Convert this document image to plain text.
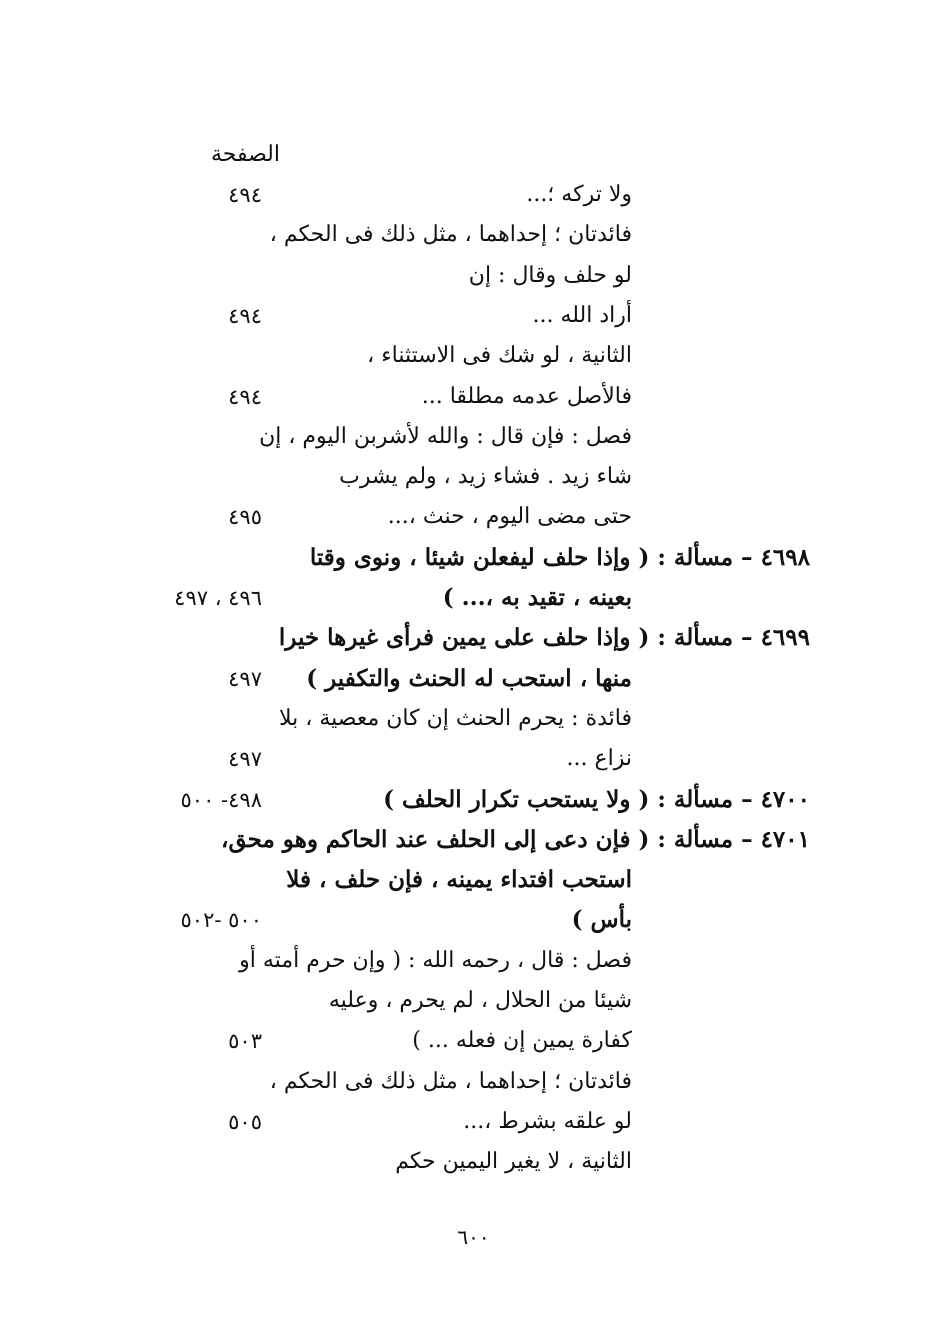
الصفحة
ولا تركه ؛...
٤٩٤
فائدتان ؛ إحداهما ، مثل ذلك فى الحكم ،
لو حلف وقال : إن
أراد الله ...
٤٩٤
الثانية ، لو شك فى الاستثناء ،
فالأصل عدمه مطلقا ...
٤٩٤
فصل : فإن قال : والله لأشربن اليوم ، إن
شاء زيد . فشاء زيد ، ولم يشرب
حتى مضى اليوم ، حنث ،...
٤٩٥
٤٦٩٨ – مسألة : ( وإذا حلف ليفعلن شيئا ، ونوى وقتا
بعينه ، تقيد به ،... )
٤٩٦ ، ٤٩٧
٤٦٩٩ – مسألة : ( وإذا حلف على يمين فرأى غيرها خيرا
منها ، استحب له الحنث والتكفير )
٤٩٧
فائدة : يحرم الحنث إن كان معصية ، بلا
نزاع ...
٤٩٧
٤٧٠٠ – مسألة : ( ولا يستحب تكرار الحلف )
٤٩٨- ٥٠٠
٤٧٠١ – مسألة : ( فإن دعى إلى الحلف عند الحاكم وهو محق،
استحب افتداء يمينه ، فإن حلف ، فلا
بأس )
٥٠٠ -٥٠٢
فصل : قال ، رحمه الله : ( وإن حرم أمته أو
شيئا من الحلال ، لم يحرم ، وعليه
كفارة يمين إن فعله ... )
٥٠٣
فائدتان ؛ إحداهما ، مثل ذلك فى الحكم ،
لو علقه بشرط ،...
٥٠٥
الثانية ، لا يغير اليمين حكم
٦٠٠
